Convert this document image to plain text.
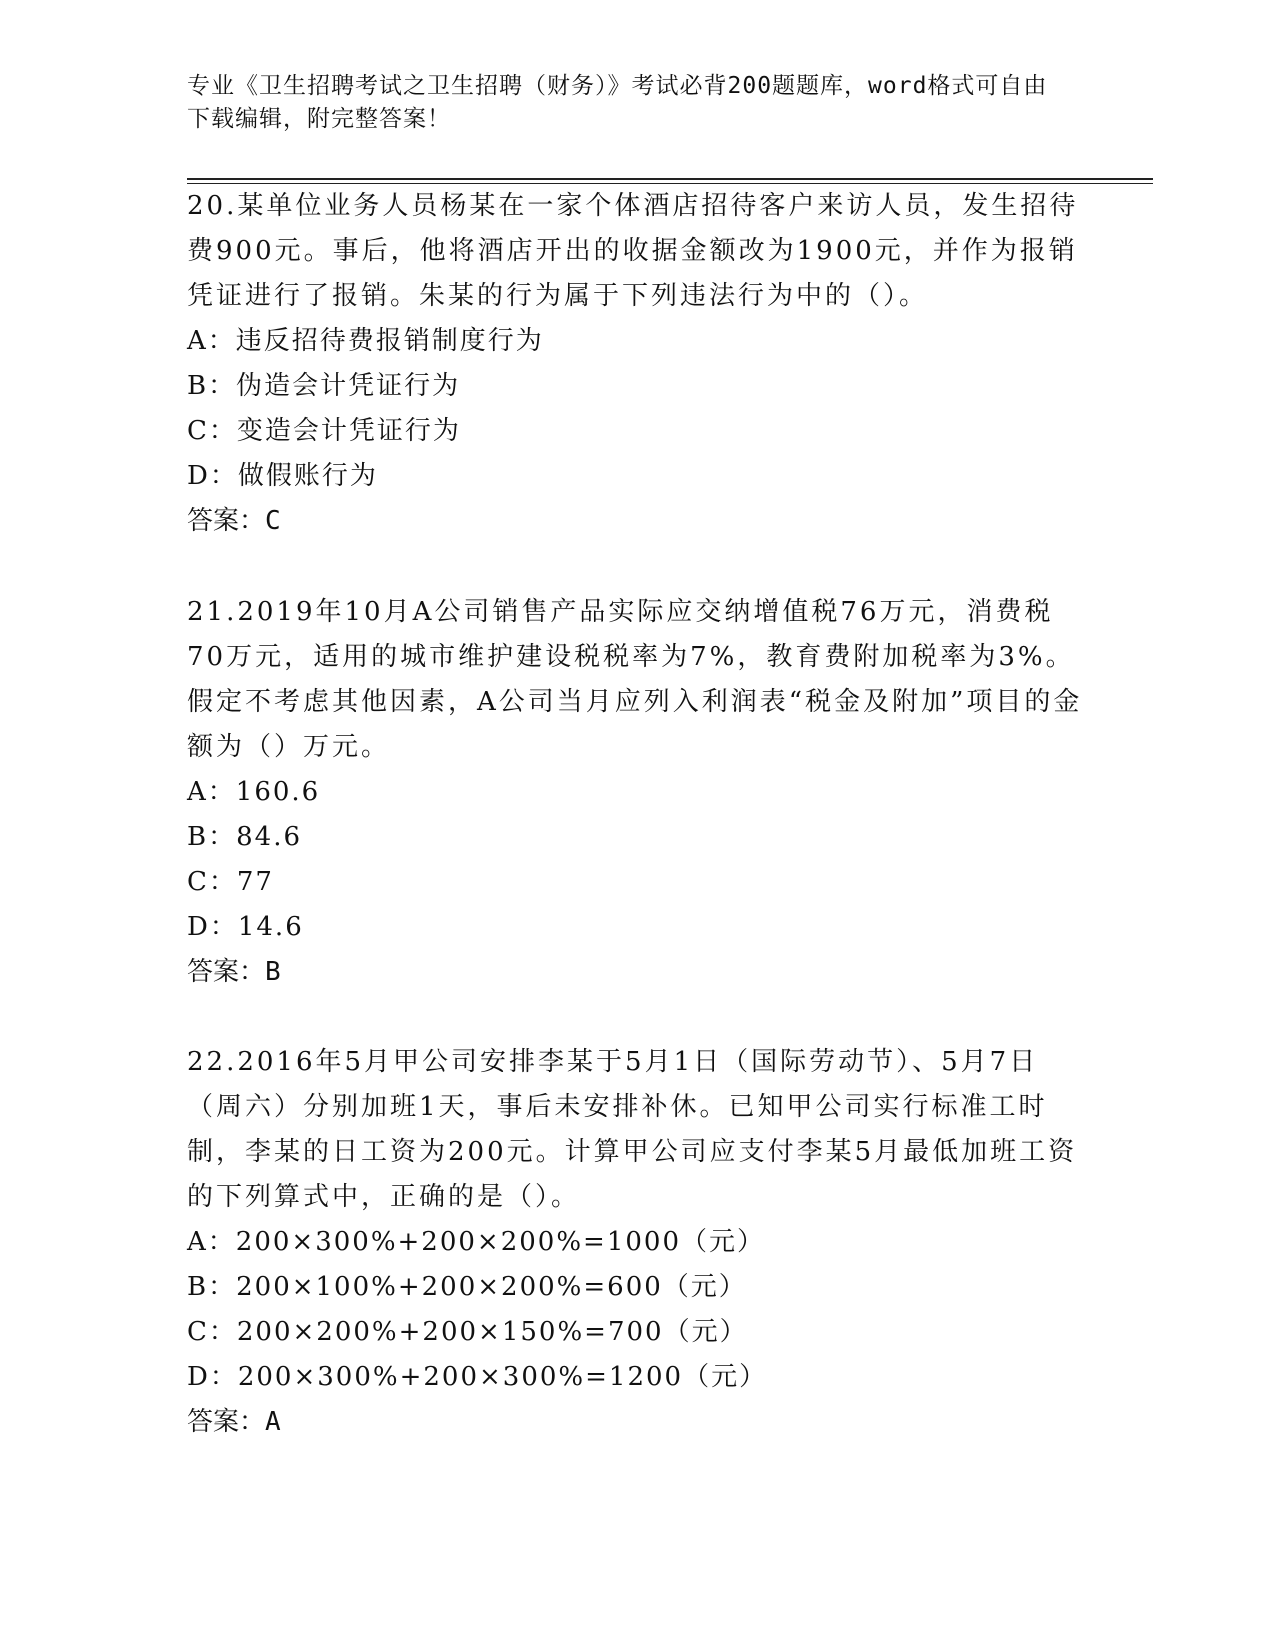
专业《卫生招聘考试之卫生招聘（财务）》考试必背200题题库，word格式可自由下载编辑，附完整答案！

20.某单位业务人员杨某在一家个体酒店招待客户来访人员，发生招待费900元。事后，他将酒店开出的收据金额改为1900元，并作为报销凭证进行了报销。朱某的行为属于下列违法行为中的（）。

A：违反招待费报销制度行为

B：伪造会计凭证行为

C：变造会计凭证行为

D：做假账行为

答案：C

21.2019年10月A公司销售产品实际应交纳增值税76万元，消费税70万元，适用的城市维护建设税税率为7%，教育费附加税率为3%。假定不考虑其他因素，A公司当月应列入利润表“税金及附加”项目的金额为（）万元。

A：160.6

B：84.6

C：77

D：14.6

答案：B

22.2016年5月甲公司安排李某于5月1日（国际劳动节）、5月7日（周六）分别加班1天，事后未安排补休。已知甲公司实行标准工时制，李某的日工资为200元。计算甲公司应支付李某5月最低加班工资的下列算式中，正确的是（）。

A：200×300%+200×200%=1000（元）

B：200×100%+200×200%=600（元）

C：200×200%+200×150%=700（元）

D：200×300%+200×300%=1200（元）

答案：A
